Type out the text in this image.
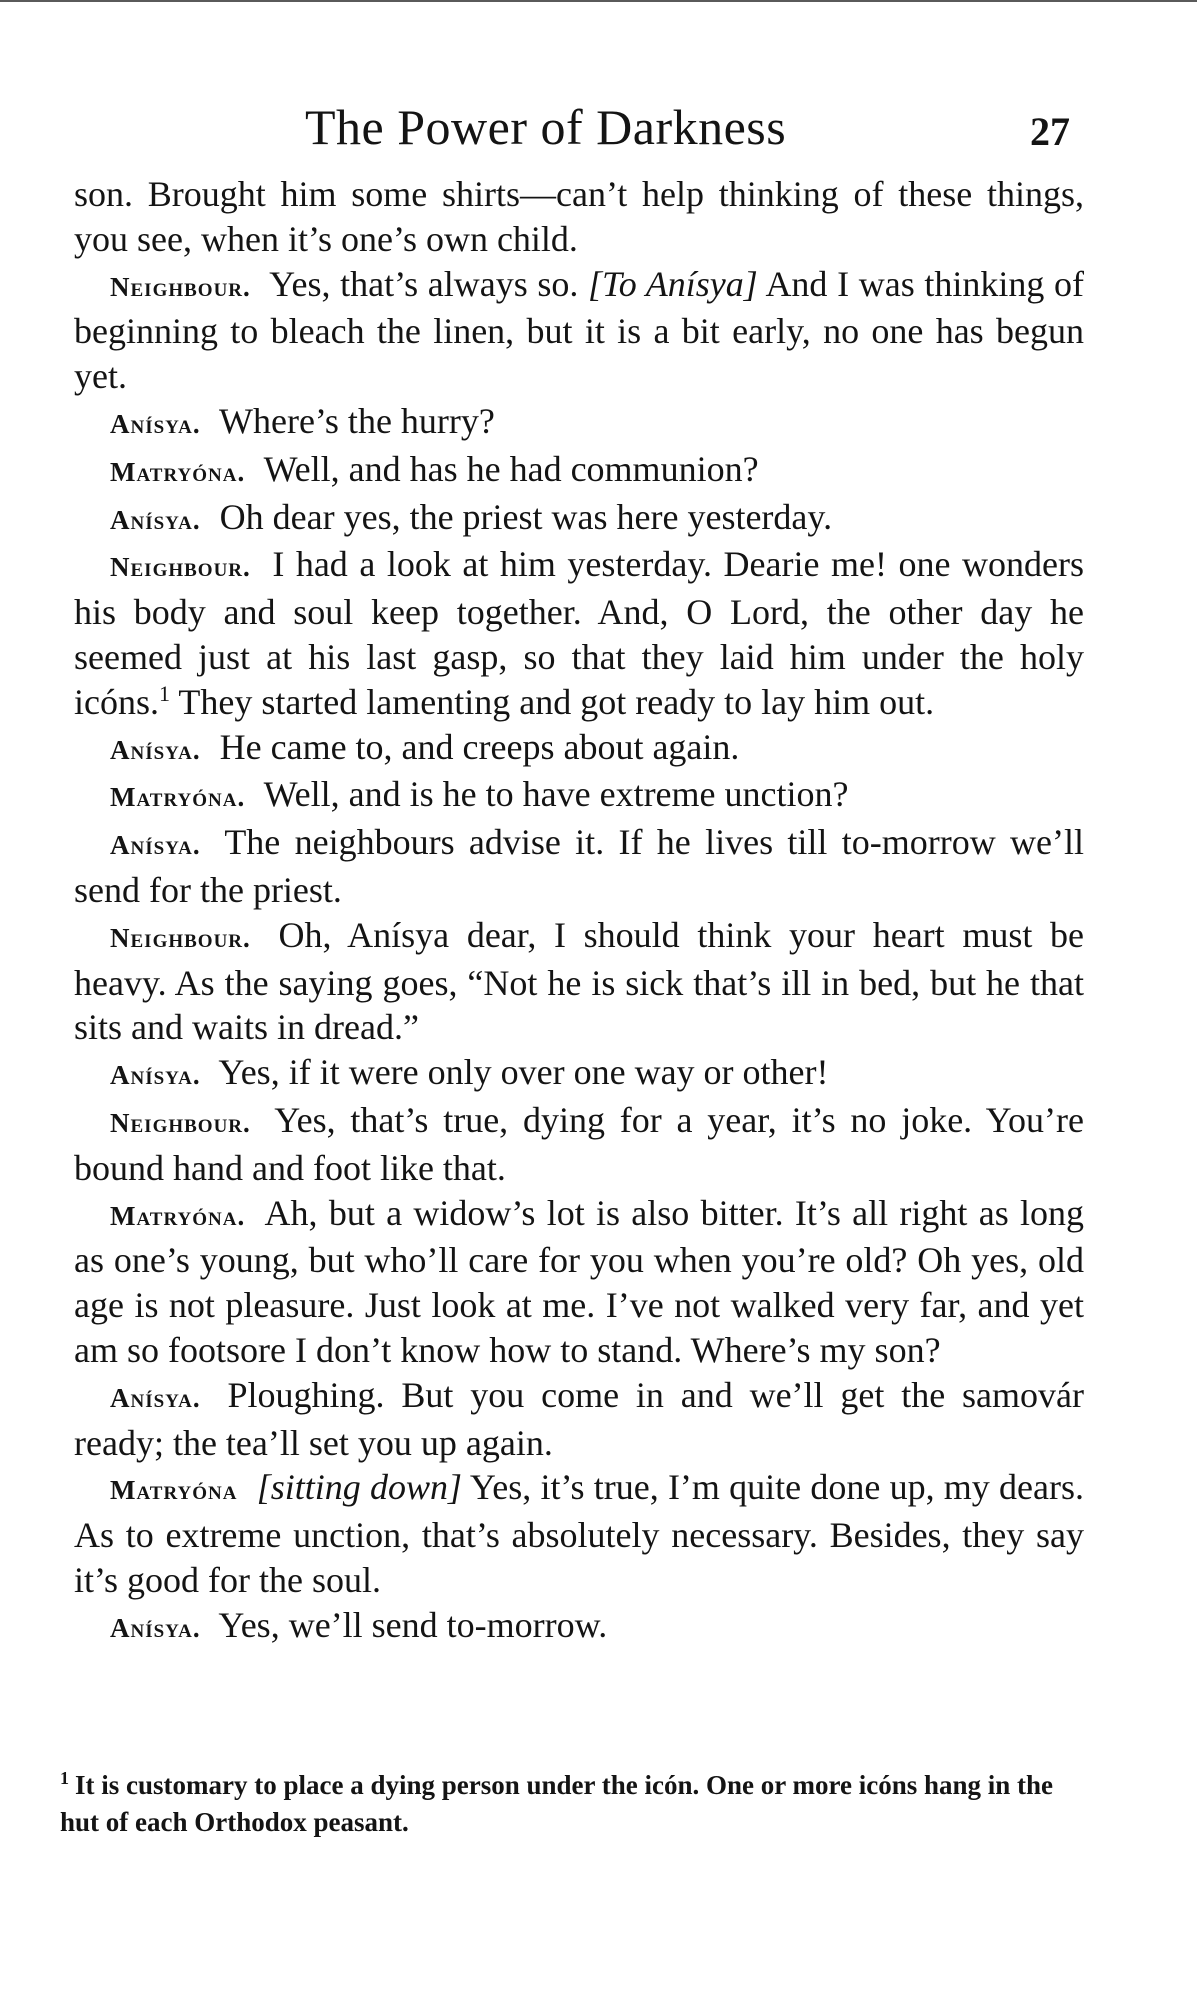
The Power of Darkness	27

son. Brought him some shirts—can’t help thinking of these things, you see, when it’s one’s own child.

Neighbour. Yes, that’s always so. [To Anísya] And I was thinking of beginning to bleach the linen, but it is a bit early, no one has begun yet.

Anísya. Where’s the hurry?

Matryóna. Well, and has he had communion?

Anísya. Oh dear yes, the priest was here yesterday.

Neighbour. I had a look at him yesterday. Dearie me! one wonders his body and soul keep together. And, O Lord, the other day he seemed just at his last gasp, so that they laid him under the holy icóns.$^1$ They started lamenting and got ready to lay him out.

Anísya. He came to, and creeps about again.

Matryóna. Well, and is he to have extreme unction?

Anísya. The neighbours advise it. If he lives till to-morrow we’ll send for the priest.

Neighbour. Oh, Anísya dear, I should think your heart must be heavy. As the saying goes, “Not he is sick that’s ill in bed, but he that sits and waits in dread.”

Anísya. Yes, if it were only over one way or other!

Neighbour. Yes, that’s true, dying for a year, it’s no joke. You’re bound hand and foot like that.

Matryóna. Ah, but a widow’s lot is also bitter. It’s all right as long as one’s young, but who’ll care for you when you’re old? Oh yes, old age is not pleasure. Just look at me. I’ve not walked very far, and yet am so footsore I don’t know how to stand. Where’s my son?

Anísya. Ploughing. But you come in and we’ll get the samovár ready; the tea’ll set you up again.

Matryóna [sitting down] Yes, it’s true, I’m quite done up, my dears. As to extreme unction, that’s absolutely necessary. Besides, they say it’s good for the soul.

Anísya. Yes, we’ll send to-morrow.

$^1$ It is customary to place a dying person under the icón. One or more icóns hang in the hut of each Orthodox peasant.
